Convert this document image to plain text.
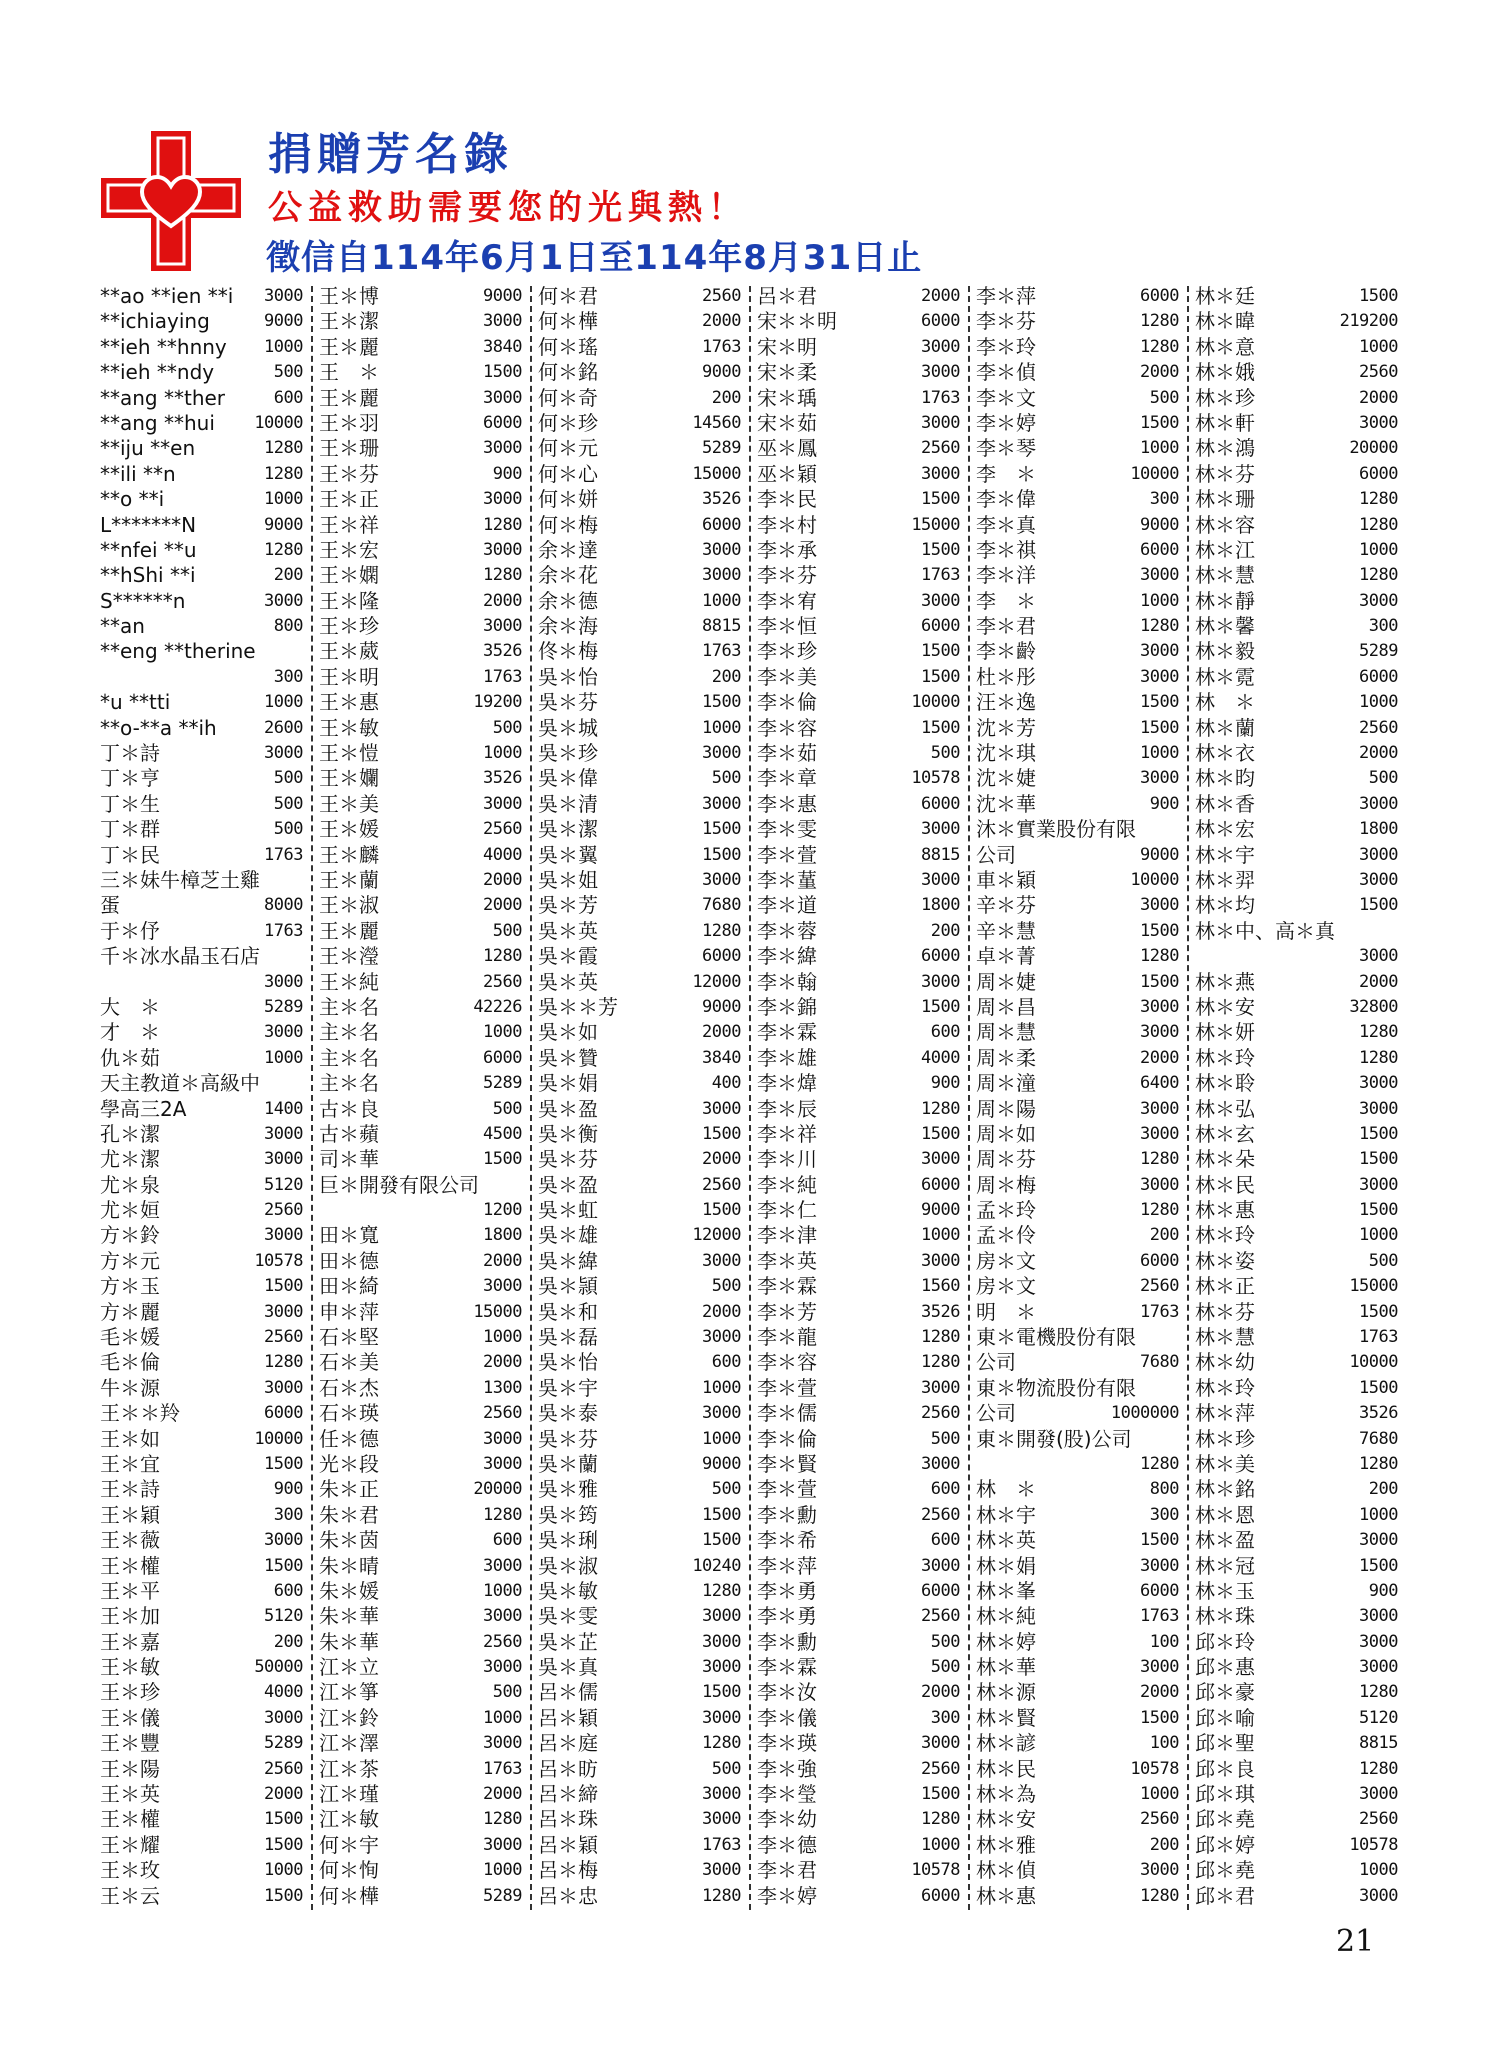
捐贈芳名錄
公益救助需要您的光與熱！
徵信自114年6月1日至114年8月31日止
**ao **ien **i 3000
**ichiaying	9000
**ieh **hnny 1000
**ieh **ndy	500
**ang **ther	600
**ang **hui 10000
**iju **en	1280
**ili **n	1280
**o **i	1000
L*******N	9000
**nfei **u	1280
**hShi **i	200
S******n	3000
**an	800
**eng **therine
300
*u **tti	1000
**o-**a **ih	2600
丁＊詩	3000
丁＊亨	500
丁＊生	500
丁＊群	500
丁＊民	1763
三＊妹牛樟芝土雞
蛋	8000
于＊伃	1763
千＊冰水晶玉石店
3000
大　＊	5289
才　＊	3000
仇＊茹	1000
天主教道＊高級中
學高三2A	1400
孔＊潔	3000
尤＊潔	3000
尤＊泉	5120
尤＊姮	2560
方＊鈴	3000
方＊元	10578
方＊玉	1500
方＊麗	3000
毛＊媛	2560
毛＊倫	1280
牛＊源	3000
王＊＊羚	6000
王＊如	10000
王＊宜	1500
王＊詩	900
王＊穎	300
王＊薇	3000
王＊權	1500
王＊平	600
王＊加	5120
王＊嘉	200
王＊敏	50000
王＊珍	4000
王＊儀	3000
王＊豐	5289
王＊陽	2560
王＊英	2000
王＊權	1500
王＊耀	1500
王＊玫	1000
王＊云	1500
王＊博	9000
王＊潔	3000
王＊麗	3840
王　＊	1500
王＊麗	3000
王＊羽	6000
王＊珊	3000
王＊芬	900
王＊正	3000
王＊祥	1280
王＊宏	3000
王＊嫻	1280
王＊隆	2000
王＊珍	3000
王＊葳	3526
王＊明	1763
王＊惠	19200
王＊敏	500
王＊愷	1000
王＊孄	3526
王＊美	3000
王＊媛	2560
王＊麟	4000
王＊蘭	2000
王＊淑	2000
王＊麗	500
王＊瀅	1280
王＊純	2560
主＊名	42226
主＊名	1000
主＊名	6000
主＊名	5289
古＊良	500
古＊蘋	4500
司＊華	1500
巨＊開發有限公司
1200
田＊寬	1800
田＊德	2000
田＊綺	3000
申＊萍	15000
石＊堅	1000
石＊美	2000
石＊杰	1300
石＊瑛	2560
任＊德	3000
光＊段	3000
朱＊正	20000
朱＊君	1280
朱＊茵	600
朱＊晴	3000
朱＊媛	1000
朱＊華	3000
朱＊華	2560
江＊立	3000
江＊箏	500
江＊鈴	1000
江＊澤	3000
江＊茶	1763
江＊瑾	2000
江＊敏	1280
何＊宇	3000
何＊恂	1000
何＊樺	5289
何＊君	2560
何＊樺	2000
何＊瑤	1763
何＊銘	9000
何＊奇	200
何＊珍	14560
何＊元	5289
何＊心	15000
何＊姘	3526
何＊梅	6000
余＊達	3000
余＊花	3000
余＊德	1000
余＊海	8815
佟＊梅	1763
吳＊怡	200
吳＊芬	1500
吳＊城	1000
吳＊珍	3000
吳＊偉	500
吳＊清	3000
吳＊潔	1500
吳＊翼	1500
吳＊姐	3000
吳＊芳	7680
吳＊英	1280
吳＊霞	6000
吳＊英	12000
吳＊＊芳	9000
吳＊如	2000
吳＊贊	3840
吳＊娟	400
吳＊盈	3000
吳＊衡	1500
吳＊芬	2000
吳＊盈	2560
吳＊虹	1500
吳＊雄	12000
吳＊緯	3000
吳＊頴	500
吳＊和	2000
吳＊磊	3000
吳＊怡	600
吳＊宇	1000
吳＊泰	3000
吳＊芬	1000
吳＊蘭	9000
吳＊雅	500
吳＊筠	1500
吳＊琍	1500
吳＊淑	10240
吳＊敏	1280
吳＊雯	3000
吳＊芷	3000
吳＊真	3000
呂＊儒	1500
呂＊穎	3000
呂＊庭	1280
呂＊昉	500
呂＊締	3000
呂＊珠	3000
呂＊穎	1763
呂＊梅	3000
呂＊忠	1280
呂＊君	2000
宋＊＊明	6000
宋＊明	3000
宋＊柔	3000
宋＊瑀	1763
宋＊茹	3000
巫＊鳳	2560
巫＊穎	3000
李＊民	1500
李＊村	15000
李＊承	1500
李＊芬	1763
李＊宥	3000
李＊恒	6000
李＊珍	1500
李＊美	1500
李＊倫	10000
李＊容	1500
李＊茹	500
李＊章	10578
李＊惠	6000
李＊雯	3000
李＊萱	8815
李＊蓳	3000
李＊道	1800
李＊蓉	200
李＊緯	6000
李＊翰	3000
李＊錦	1500
李＊霖	600
李＊雄	4000
李＊煒	900
李＊辰	1280
李＊祥	1500
李＊川	3000
李＊純	6000
李＊仁	9000
李＊津	1000
李＊英	3000
李＊霖	1560
李＊芳	3526
李＊龍	1280
李＊容	1280
李＊萱	3000
李＊儒	2560
李＊倫	500
李＊賢	3000
李＊萱	600
李＊勳	2560
李＊希	600
李＊萍	3000
李＊勇	6000
李＊勇	2560
李＊勳	500
李＊霖	500
李＊汝	2000
李＊儀	300
李＊瑛	3000
李＊強	2560
李＊瑩	1500
李＊幼	1280
李＊德	1000
李＊君	10578
李＊婷	6000
李＊萍	6000
李＊芬	1280
李＊玲	1280
李＊偵	2000
李＊文	500
李＊婷	1500
李＊琴	1000
李　＊	10000
李＊偉	300
李＊真	9000
李＊祺	6000
李＊洋	3000
李　＊	1000
李＊君	1280
李＊齡	3000
杜＊彤	3000
汪＊逸	1500
沈＊芳	1500
沈＊琪	1000
沈＊婕	3000
沈＊華	900
沐＊實業股份有限
公司	9000
車＊穎	10000
辛＊芬	3000
辛＊慧	1500
卓＊菁	1280
周＊婕	1500
周＊昌	3000
周＊慧	3000
周＊柔	2000
周＊潼	6400
周＊陽	3000
周＊如	3000
周＊芬	1280
周＊梅	3000
孟＊玲	1280
孟＊伶	200
房＊文	6000
房＊文	2560
明　＊	1763
東＊電機股份有限
公司	7680
東＊物流股份有限
公司	1000000
東＊開發(股)公司
1280
林　＊	800
林＊宇	300
林＊英	1500
林＊娟	3000
林＊峯	6000
林＊純	1763
林＊婷	100
林＊華	3000
林＊源	2000
林＊賢	1500
林＊諺	100
林＊民	10578
林＊為	1000
林＊安	2560
林＊雅	200
林＊偵	3000
林＊惠	1280
林＊廷	1500
林＊暐	219200
林＊意	1000
林＊娥	2560
林＊珍	2000
林＊軒	3000
林＊鴻	20000
林＊芬	6000
林＊珊	1280
林＊容	1280
林＊江	1000
林＊慧	1280
林＊靜	3000
林＊馨	300
林＊毅	5289
林＊霓	6000
林　＊	1000
林＊蘭	2560
林＊衣	2000
林＊昀	500
林＊香	3000
林＊宏	1800
林＊宇	3000
林＊羿	3000
林＊均	1500
林＊中、高＊真
3000
林＊燕	2000
林＊安	32800
林＊妍	1280
林＊玲	1280
林＊聆	3000
林＊弘	3000
林＊玄	1500
林＊朵	1500
林＊民	3000
林＊惠	1500
林＊玲	1000
林＊姿	500
林＊正	15000
林＊芬	1500
林＊慧	1763
林＊幼	10000
林＊玲	1500
林＊萍	3526
林＊珍	7680
林＊美	1280
林＊銘	200
林＊恩	1000
林＊盈	3000
林＊冠	1500
林＊玉	900
林＊珠	3000
邱＊玲	3000
邱＊惠	3000
邱＊豪	1280
邱＊喻	5120
邱＊聖	8815
邱＊良	1280
邱＊琪	3000
邱＊堯	2560
邱＊婷	10578
邱＊堯	1000
邱＊君	3000
21
